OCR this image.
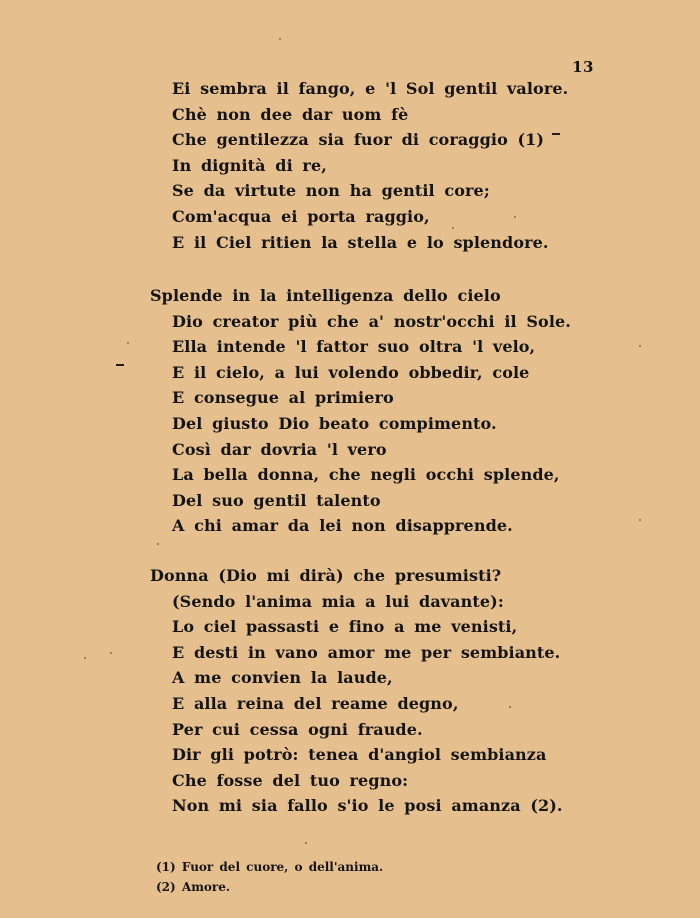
13
Ei sembra il fango, e 'l Sol gentil valore.
Chè non dee dar uom fè
Che gentilezza sia fuor di coraggio (1)
In dignità di re,
Se da virtute non ha gentil core;
Com'acqua ei porta raggio,
E il Ciel ritien la stella e lo splendore.
Splende in la intelligenza dello cielo
Dio creator più che a' nostr'occhi il Sole.
Ella intende 'l fattor suo oltra 'l velo,
E il cielo, a lui volendo obbedir, cole
E consegue al primiero
Del giusto Dio beato compimento.
Così dar dovria 'l vero
La bella donna, che negli occhi splende,
Del suo gentil talento
A chi amar da lei non disapprende.
Donna (Dio mi dirà) che presumisti?
(Sendo l'anima mia a lui davante):
Lo ciel passasti e fino a me venisti,
E desti in vano amor me per sembiante.
A me convien la laude,
E alla reina del reame degno,
Per cui cessa ogni fraude.
Dir gli potrò: tenea d'angiol sembianza
Che fosse del tuo regno:
Non mi sia fallo s'io le posi amanza (2).
(1) Fuor del cuore, o dell'anima.
(2) Amore.
